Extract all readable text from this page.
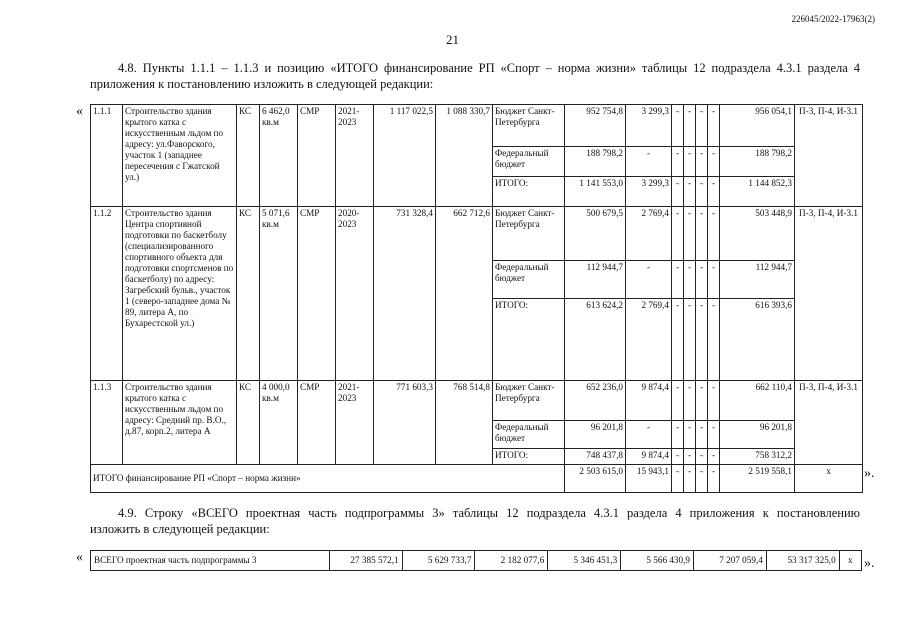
226045/2022-17963(2)
21
4.8. Пункты 1.1.1 – 1.1.3 и позицию «ИТОГО финансирование РП «Спорт – норма жизни» таблицы 12 подраздела 4.3.1 раздела 4
приложения к постановлению изложить в следующей редакции:
« 1.1.1	Строительство здания крытого катка с искусственным льдом по адресу: ул.Фаворского, участок 1 (западнее пересечения с Гжатской ул.)	КС	6 462,0 кв.м	СМР	2021-2023	1 117 022,5	1 088 330,7	Бюджет Санкт-Петербурга	952 754,8	3 299,3	-	-	-	-	956 054,1	П-3, П-4, И-3.1
								Федеральный бюджет	188 798,2	-	-	-	-	-	188 798,2	
								ИТОГО:	1 141 553,0	3 299,3	-	-	-	-	1 144 852,3	
1.1.2	Строительство здания Центра спортивной подготовки по баскетболу (специализированного спортивного объекта для подготовки спортсменов по баскетболу) по адресу: Загребский бульв., участок 1 (северо-западнее дома № 89, литера А, по Бухарестской ул.)	КС	5 071,6 кв.м	СМР	2020-2023	731 328,4	662 712,6	Бюджет Санкт-Петербурга	500 679,5	2 769,4	-	-	-	-	503 448,9	П-3, П-4, И-3.1
								Федеральный бюджет	112 944,7	-	-	-	-	-	112 944,7	
								ИТОГО:	613 624,2	2 769,4	-	-	-	-	616 393,6	
1.1.3	Строительство здания крытого катка с искусственным льдом по адресу: Средний пр. В.О., д.87, корп.2, литера А	КС	4 000,0 кв.м	СМР	2021-2023	771 603,3	768 514,8	Бюджет Санкт-Петербурга	652 236,0	9 874,4	-	-	-	-	662 110,4	П-3, П-4, И-3.1
								Федеральный бюджет	96 201,8	-	-	-	-	-	96 201,8	
								ИТОГО:	748 437,8	9 874,4	-	-	-	-	758 312,2	
ИТОГО финансирование РП «Спорт – норма жизни»									2 503 615,0	15 943,1	-	-	-	-	2 519 558,1	х ».
4.9. Строку «ВСЕГО проектная часть подпрограммы 3» таблицы 12 подраздела 4.3.1 раздела 4 приложения к постановлению
изложить в следующей редакции:
« ВСЕГО проектная часть подпрограммы 3	27 385 572,1	5 629 733,7	2 182 077,6	5 346 451,3	5 566 430,9	7 207 059,4	53 317 325,0	х ».
